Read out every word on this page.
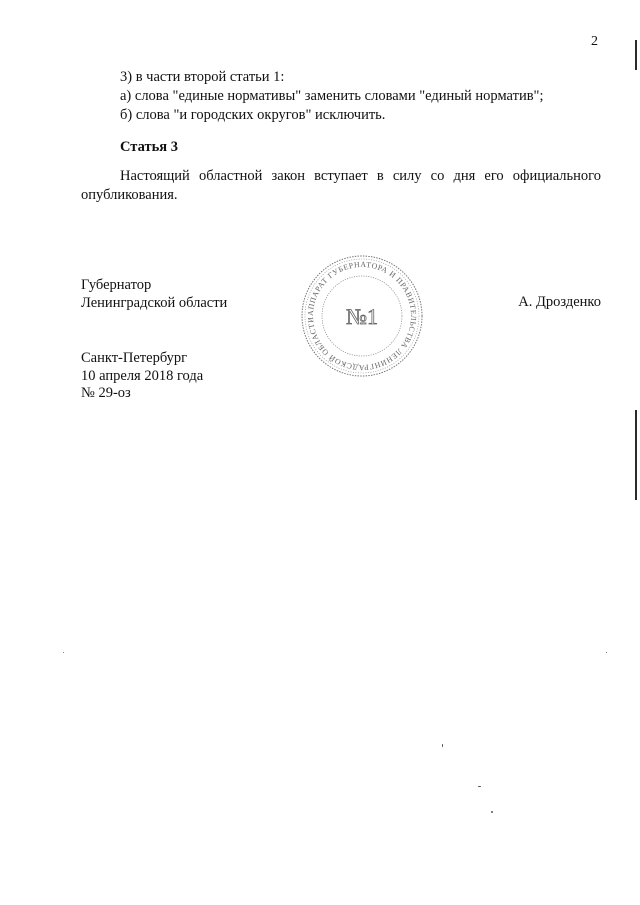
2
3) в части второй статьи 1:
а) слова "единые нормативы" заменить словами "единый норматив";
б) слова "и городских округов" исключить.
Статья 3
Настоящий областной закон вступает в силу со дня его официального опубликования.
Губернатор
Ленинградской области	А. Дрозденко
АППАРАТ ГУБЕРНАТОРА И ПРАВИТЕЛЬСТВА ЛЕНИНГРАДСКОЙ ОБЛАСТИ	№1
Санкт-Петербург
10 апреля 2018 года
№ 29-оз
